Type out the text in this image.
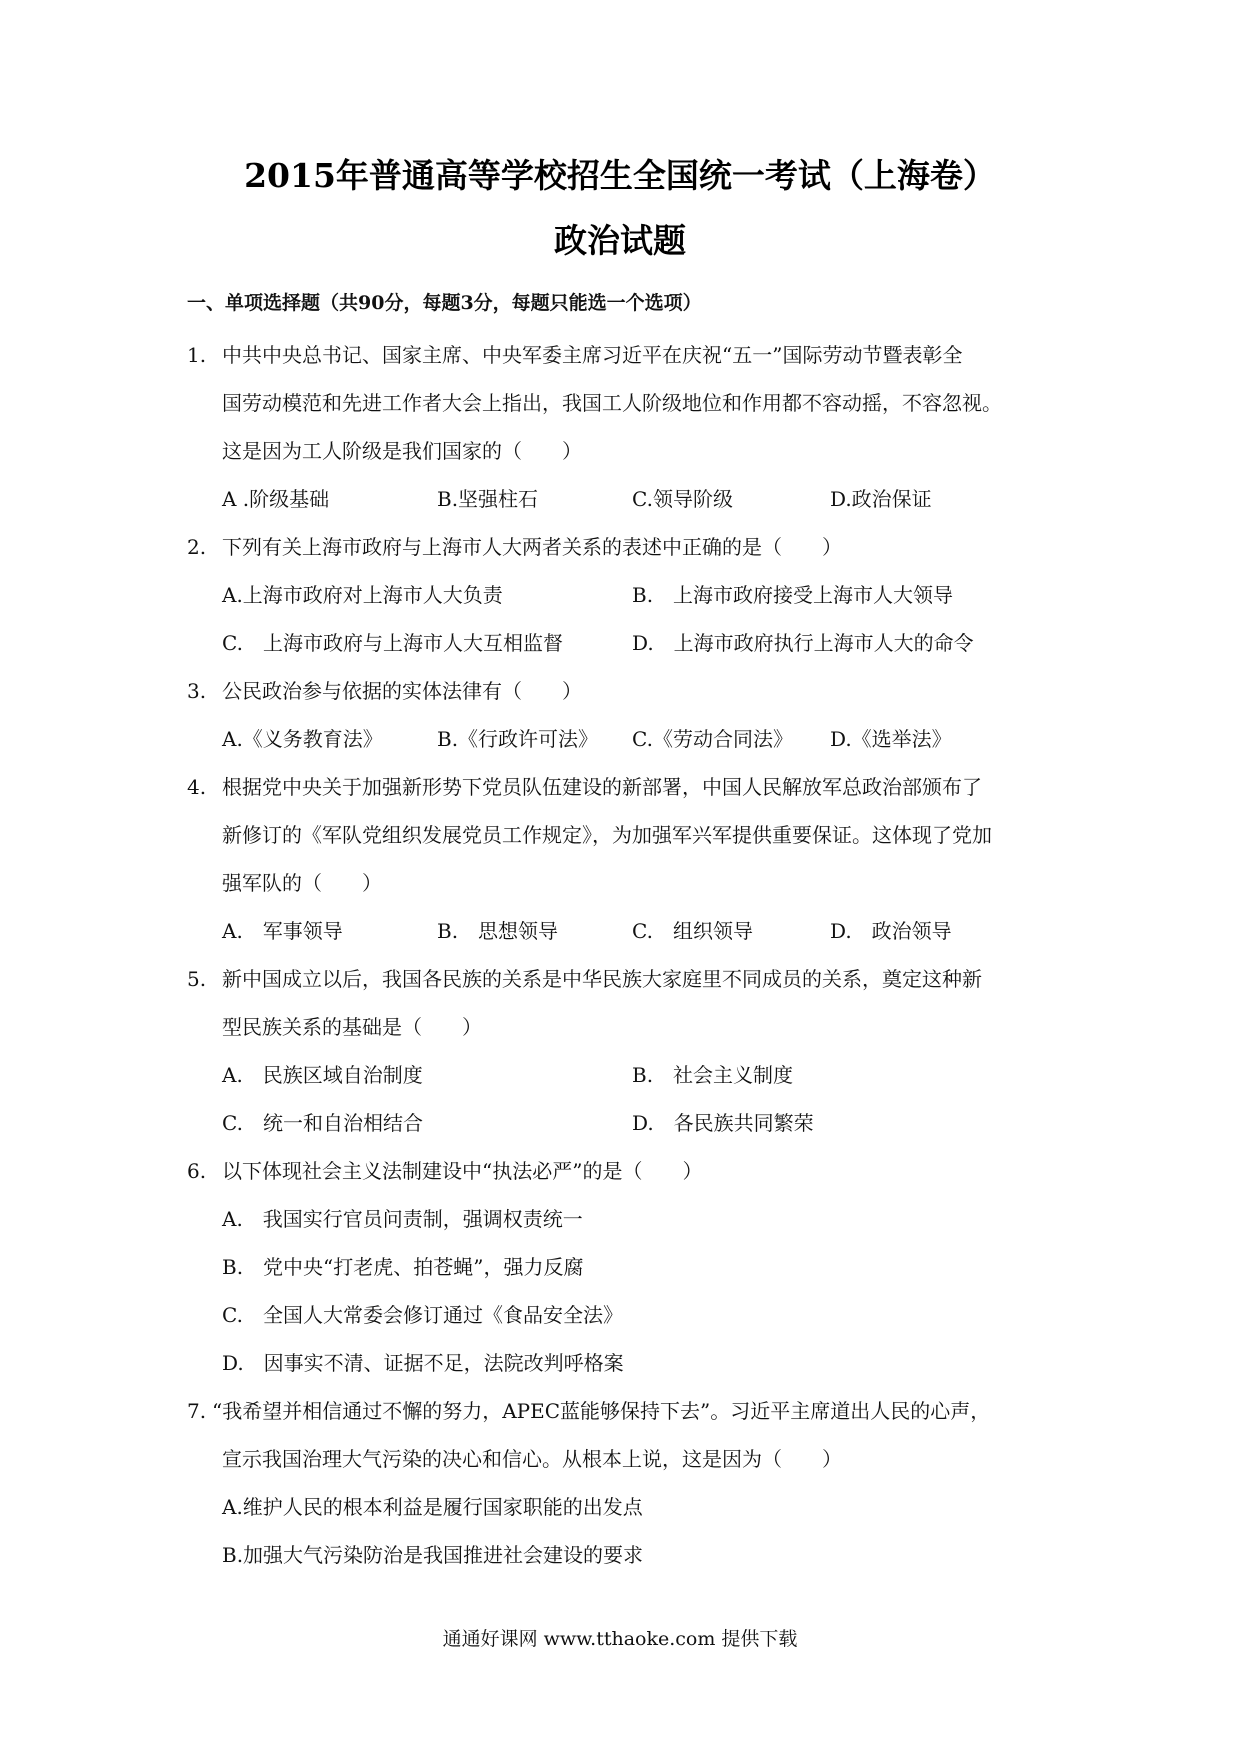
2015年普通高等学校招生全国统一考试（上海卷）
政治试题
一、单项选择题（共90分，每题3分，每题只能选一个选项）
1. 中共中央总书记、国家主席、中央军委主席习近平在庆祝“五一”国际劳动节暨表彰全
国劳动模范和先进工作者大会上指出，我国工人阶级地位和作用都不容动摇，不容忽视。
这是因为工人阶级是我们国家的（　　）
A .阶级基础	B.坚强柱石	C.领导阶级	D.政治保证
2. 下列有关上海市政府与上海市人大两者关系的表述中正确的是（　　）
A.上海市政府对上海市人大负责	B.　上海市政府接受上海市人大领导
C.　上海市政府与上海市人大互相监督	D.　上海市政府执行上海市人大的命令
3. 公民政治参与依据的实体法律有（　　）
A.《义务教育法》	B.《行政许可法》 C.《劳动合同法》 D.《选举法》
4. 根据党中央关于加强新形势下党员队伍建设的新部署，中国人民解放军总政治部颁布了
新修订的《军队党组织发展党员工作规定》，为加强军兴军提供重要保证。这体现了党加
强军队的（　　）
A.　军事领导	B.　思想领导	C.　组织领导	D.　政治领导
5. 新中国成立以后，我国各民族的关系是中华民族大家庭里不同成员的关系，奠定这种新
型民族关系的基础是（　　）
A.　民族区域自治制度	B.　社会主义制度
C.　统一和自治相结合	D.　各民族共同繁荣
6. 以下体现社会主义法制建设中“执法必严”的是（　　）
A.　我国实行官员问责制，强调权责统一
B.　党中央“打老虎、拍苍蝇”，强力反腐
C.　全国人大常委会修订通过《食品安全法》
D.　因事实不清、证据不足，法院改判呼格案
7. “我希望并相信通过不懈的努力，APEC蓝能够保持下去”。习近平主席道出人民的心声，
宣示我国治理大气污染的决心和信心。从根本上说，这是因为（　　）
A.维护人民的根本利益是履行国家职能的出发点
B.加强大气污染防治是我国推进社会建设的要求
通通好课网 www.tthaoke.com 提供下载
